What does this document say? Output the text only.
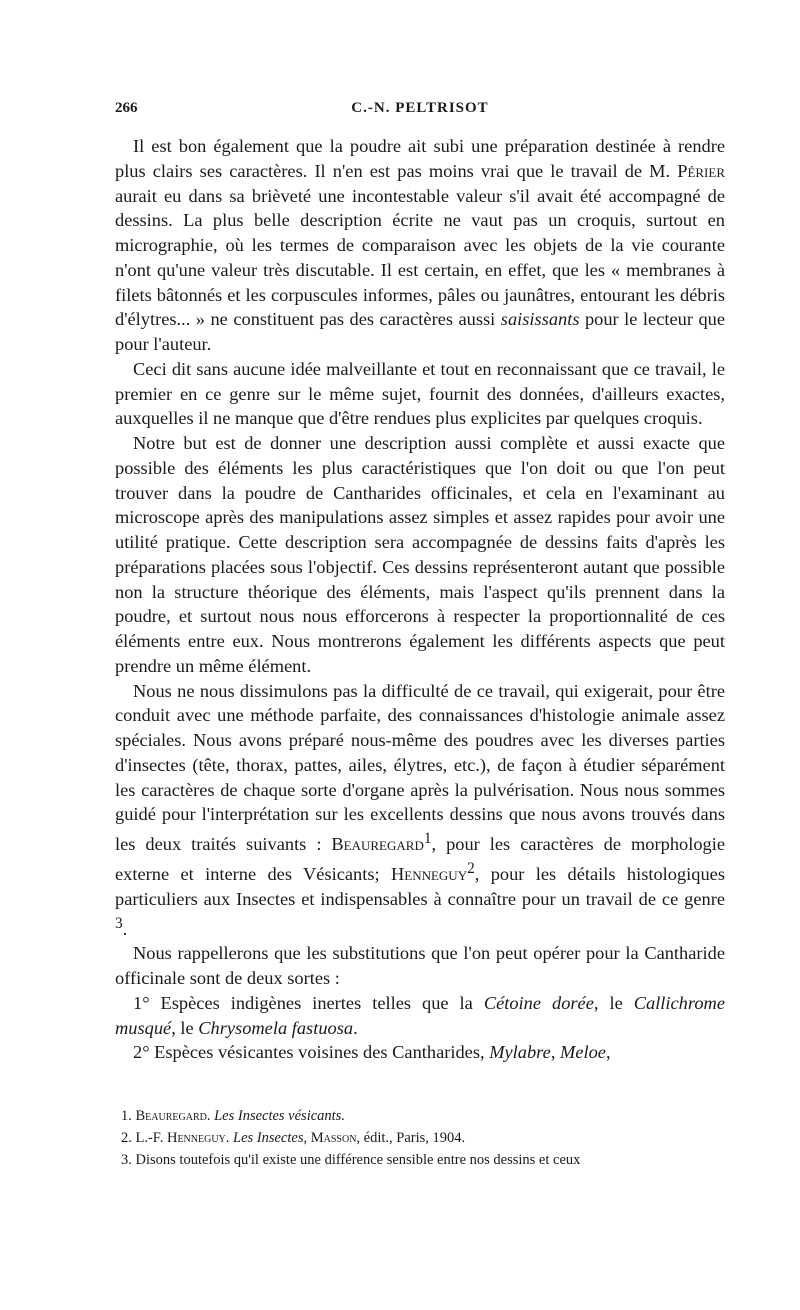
266	C.-N. PELTRISOT

Il est bon également que la poudre ait subi une préparation destinée à rendre plus clairs ses caractères. Il n'en est pas moins vrai que le travail de M. Périer aurait eu dans sa brièveté une incontestable valeur s'il avait été accompagné de dessins. La plus belle description écrite ne vaut pas un croquis, surtout en micrographie, où les termes de comparaison avec les objets de la vie courante n'ont qu'une valeur très discutable. Il est certain, en effet, que les « membranes à filets bâtonnés et les corpuscules informes, pâles ou jaunâtres, entourant les débris d'élytres... » ne constituent pas des caractères aussi saisissants pour le lecteur que pour l'auteur.

Ceci dit sans aucune idée malveillante et tout en reconnaissant que ce travail, le premier en ce genre sur le même sujet, fournit des données, d'ailleurs exactes, auxquelles il ne manque que d'être rendues plus explicites par quelques croquis.

Notre but est de donner une description aussi complète et aussi exacte que possible des éléments les plus caractéristiques que l'on doit ou que l'on peut trouver dans la poudre de Cantharides officinales, et cela en l'examinant au microscope après des manipulations assez simples et assez rapides pour avoir une utilité pratique. Cette description sera accompagnée de dessins faits d'après les préparations placées sous l'objectif. Ces dessins représenteront autant que possible non la structure théorique des éléments, mais l'aspect qu'ils prennent dans la poudre, et surtout nous nous efforcerons à respecter la proportionnalité de ces éléments entre eux. Nous montrerons également les différents aspects que peut prendre un même élément.

Nous ne nous dissimulons pas la difficulté de ce travail, qui exigerait, pour être conduit avec une méthode parfaite, des connaissances d'histologie animale assez spéciales. Nous avons préparé nous-même des poudres avec les diverses parties d'insectes (tête, thorax, pattes, ailes, élytres, etc.), de façon à étudier séparément les caractères de chaque sorte d'organe après la pulvérisation. Nous nous sommes guidé pour l'interprétation sur les excellents dessins que nous avons trouvés dans les deux traités suivants : Beauregard$^1$, pour les caractères de morphologie externe et interne des Vésicants; Henneguy$^2$, pour les détails histologiques particuliers aux Insectes et indispensables à connaître pour un travail de ce genre $^3$.

Nous rappellerons que les substitutions que l'on peut opérer pour la Cantharide officinale sont de deux sortes :

1° Espèces indigènes inertes telles que la Cétoine dorée, le Callichrome musqué, le Chrysomela fastuosa.

2° Espèces vésicantes voisines des Cantharides, Mylabre, Meloe,

1. Beauregard. Les Insectes vésicants.

2. L.-F. Henneguy. Les Insectes, Masson, édit., Paris, 1904.

3. Disons toutefois qu'il existe une différence sensible entre nos dessins et ceux
